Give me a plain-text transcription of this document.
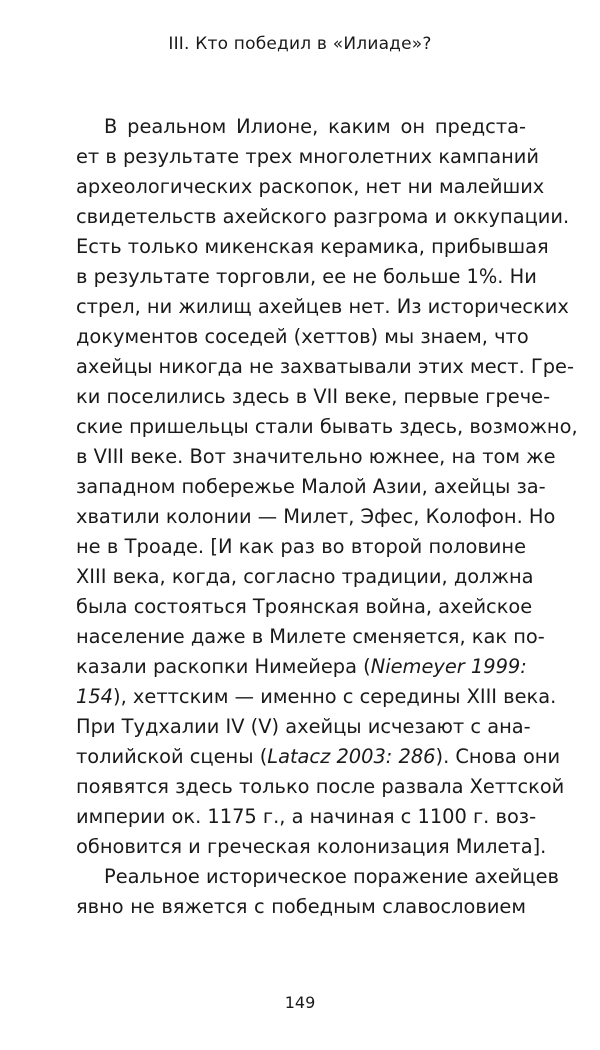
III. Кто победил в «Илиаде»?
В реальном Илионе, каким он предста-
ет в результате трех многолетних кампаний
археологических раскопок, нет ни малейших
свидетельств ахейского разгрома и оккупации.
Есть только микенская керамика, прибывшая
в результате торговли, ее не больше 1%. Ни
стрел, ни жилищ ахейцев нет. Из исторических
документов соседей (хеттов) мы знаем, что
ахейцы никогда не захватывали этих мест. Гре-
ки поселились здесь в VII веке, первые грече-
ские пришельцы стали бывать здесь, возможно,
в VIII веке. Вот значительно южнее, на том же
западном побережье Малой Азии, ахейцы за-
хватили колонии — Милет, Эфес, Колофон. Но
не в Троаде. [И как раз во второй половине
XIII века, когда, согласно традиции, должна
была состояться Троянская война, ахейское
население даже в Милете сменяется, как по-
казали раскопки Нимейера (Niemeyer 1999:
154), хеттским — именно с середины XIII века.
При Тудхалии IV (V) ахейцы исчезают с ана-
толийской сцены (Latacz 2003: 286). Снова они
появятся здесь только после развала Хеттской
империи ок. 1175 г., а начиная с 1100 г. воз-
обновится и греческая колонизация Милета].
Реальное историческое поражение ахейцев
явно не вяжется с победным славословием
149
